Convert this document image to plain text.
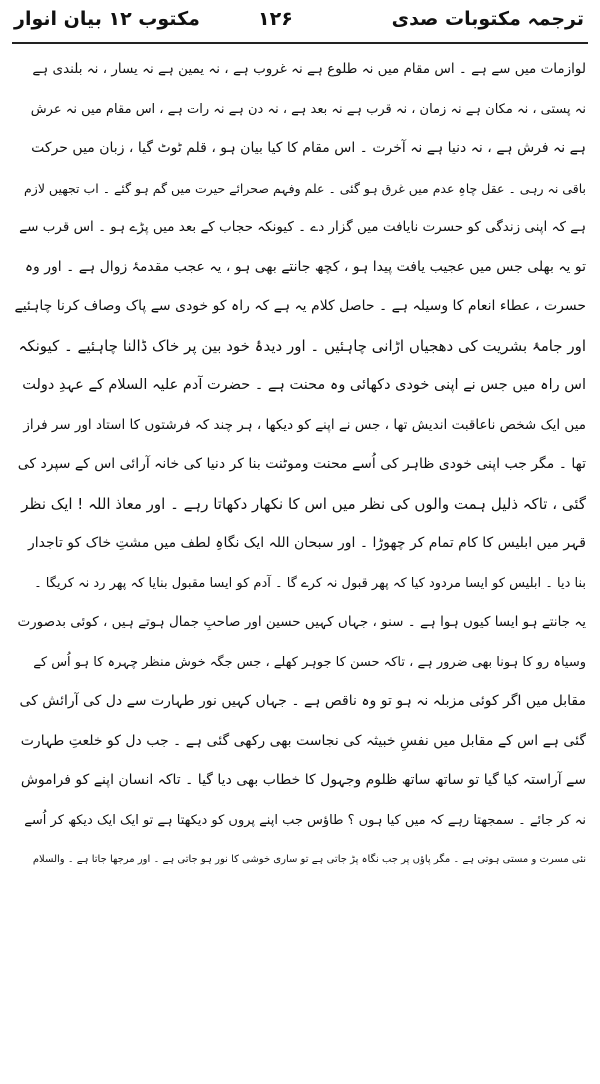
مکتوب ۱۲ بیان انوار	۱۲۶	ترجمہ مکتوبات صدی
لوازمات میں سے ہے ۔ اس مقام میں نہ طلوع ہے نہ غروب ہے ، نہ یمین ہے نہ یسار ، نہ بلندی ہے
نہ پستی ، نہ مکان ہے نہ زمان ، نہ قرب ہے نہ بعد ہے ، نہ دن ہے نہ رات ہے ، اس مقام میں نہ عرش
ہے نہ فرش ہے ، نہ دنیا ہے نہ آخرت ۔ اس مقام کا کیا بیان ہو ، قلم ٹوٹ گیا ، زبان میں حرکت
باقی نہ رہی ۔ عقل چاہِ عدم میں غرق ہو گئی ۔ علم وفہم صحرائے حیرت میں گم ہو گئے ۔ اب تجھیں لازم
ہے کہ اپنی زندگی کو حسرت نایافت میں گزار دے ۔ کیونکہ حجاب کے بعد میں پڑے ہو ۔ اس قرب سے
تو یہ بھلی جس میں عجیب یافت پیدا ہو ، کچھ جانتے بھی ہو ، یہ عجب مقدمۂ زوال ہے ۔ اور وہ
حسرت ، عطاء انعام کا وسیلہ ہے ۔ حاصل کلام یہ ہے کہ راہ کو خودی سے پاک وصاف کرنا چاہئیے
اور جامۂ بشریت کی دھجیاں اڑانی چاہئیں ۔ اور دیدۂ خود بین پر خاک ڈالنا چاہئیے ۔ کیونکہ
اس راہ میں جس نے اپنی خودی دکھائی وہ محنت ہے ۔ حضرت آدم علیہ السلام کے عہدِ دولت
میں ایک شخص ناعاقبت اندیش تھا ، جس نے اپنے کو دیکھا ، ہر چند کہ فرشتوں کا استاد اور سر فراز
تھا ۔ مگر جب اپنی خودی ظاہر کی اُسے محنت وموٹنت بنا کر دنیا کی خانہ آرائی اس کے سپرد کی
گئی ، تاکہ ذلیل ہمت والوں کی نظر میں اس کا نکھار دکھاتا رہے ۔ اور معاذ اللہ ! ایک نظر
قہر میں ابلیس کا کام تمام کر چھوڑا ۔ اور سبحان اللہ ایک نگاہِ لطف میں مشتِ خاک کو تاجدار
بنا دیا ۔ ابلیس کو ایسا مردود کیا کہ پھر قبول نہ کرے گا ۔ آدم کو ایسا مقبول بنایا کہ پھر رد نہ کریگا ۔
یہ جانتے ہو ایسا کیوں ہوا ہے ۔ سنو ، جہاں کہیں حسین اور صاحبِ جمال ہوتے ہیں ، کوئی بدصورت
وسیاہ رو کا ہونا بھی ضرور ہے ، تاکہ حسن کا جوہر کھلے ، جس جگہ خوش منظر چہرہ کا ہو اُس کے
مقابل میں اگر کوئی مزبلہ نہ ہو تو وہ ناقص ہے ۔ جہاں کہیں نور طہارت سے دل کی آرائش کی
گئی ہے اس کے مقابل میں نفسِ خبیثہ کی نجاست بھی رکھی گئی ہے ۔ جب دل کو خلعتِ طہارت
سے آراستہ کیا گیا تو ساتھ ساتھ ظلوم وجہول کا خطاب بھی دیا گیا ۔ تاکہ انسان اپنے کو فراموش
نہ کر جائے ۔ سمجھتا رہے کہ میں کیا ہوں ؟ طاؤس جب اپنے پروں کو دیکھتا ہے تو ایک ایک دیکھ کر اُسے
نئی مسرت و مستی ہوتی ہے ۔ مگر پاؤں پر جب نگاہ پڑ جاتی ہے تو ساری خوشی کا نور ہو جاتی ہے ۔ اور مرجھا جاتا ہے ۔ والسلام
